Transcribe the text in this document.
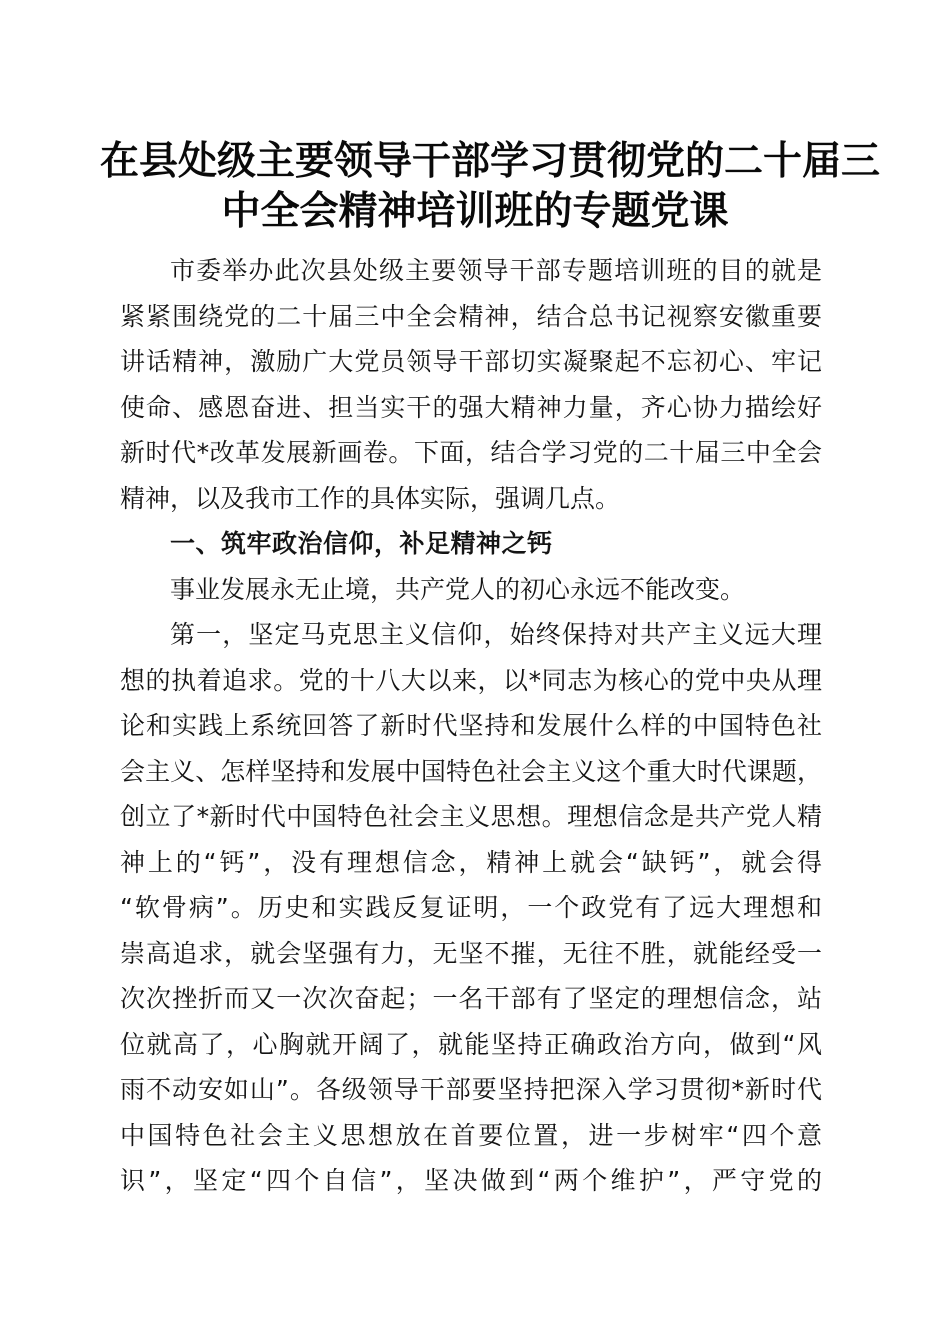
在县处级主要领导干部学习贯彻党的二十届三
中全会精神培训班的专题党课
市委举办此次县处级主要领导干部专题培训班的目的就是
紧紧围绕党的二十届三中全会精神，结合总书记视察安徽重要
讲话精神，激励广大党员领导干部切实凝聚起不忘初心、牢记
使命、感恩奋进、担当实干的强大精神力量，齐心协力描绘好
新时代*改革发展新画卷。下面，结合学习党的二十届三中全会
精神，以及我市工作的具体实际，强调几点。
一、筑牢政治信仰，补足精神之钙
事业发展永无止境，共产党人的初心永远不能改变。
第一，坚定马克思主义信仰，始终保持对共产主义远大理
想的执着追求。党的十八大以来，以*同志为核心的党中央从理
论和实践上系统回答了新时代坚持和发展什么样的中国特色社
会主义、怎样坚持和发展中国特色社会主义这个重大时代课题，
创立了*新时代中国特色社会主义思想。理想信念是共产党人精
神上的“钙”，没有理想信念，精神上就会“缺钙”，就会得
“软骨病”。历史和实践反复证明，一个政党有了远大理想和
崇高追求，就会坚强有力，无坚不摧，无往不胜，就能经受一
次次挫折而又一次次奋起；一名干部有了坚定的理想信念，站
位就高了，心胸就开阔了，就能坚持正确政治方向，做到“风
雨不动安如山”。各级领导干部要坚持把深入学习贯彻*新时代
中国特色社会主义思想放在首要位置，进一步树牢“四个意
识”，坚定“四个自信”，坚决做到“两个维护”，严守党的
